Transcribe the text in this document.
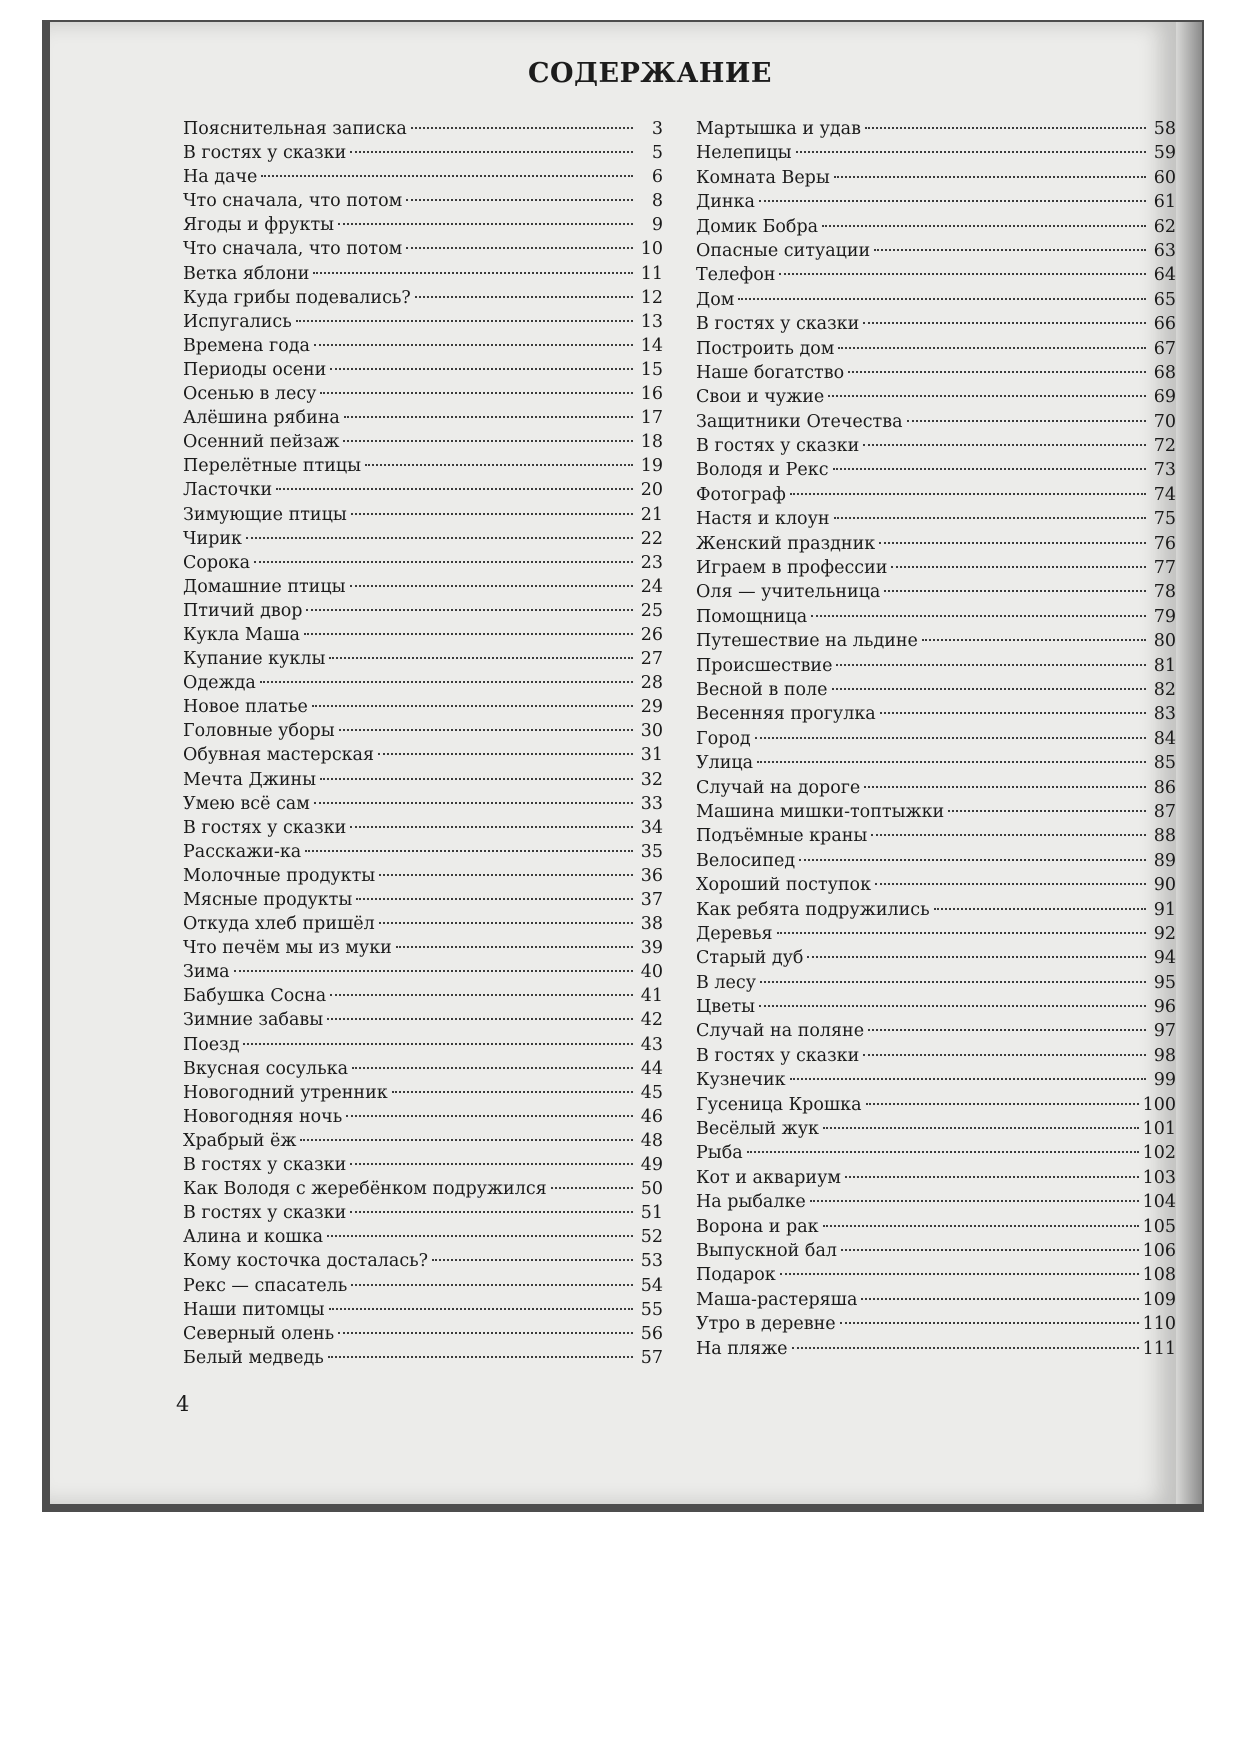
СОДЕРЖАНИЕ
Пояснительная записка	3
В гостях у сказки	5
На даче	6
Что сначала, что потом	8
Ягоды и фрукты	9
Что сначала, что потом	10
Ветка яблони	11
Куда грибы подевались?	12
Испугались	13
Времена года	14
Периоды осени	15
Осенью в лесу	16
Алёшина рябина	17
Осенний пейзаж	18
Перелётные птицы	19
Ласточки	20
Зимующие птицы	21
Чирик	22
Сорока	23
Домашние птицы	24
Птичий двор	25
Кукла Маша	26
Купание куклы	27
Одежда	28
Новое платье	29
Головные уборы	30
Обувная мастерская	31
Мечта Джины	32
Умею всё сам	33
В гостях у сказки	34
Расскажи-ка	35
Молочные продукты	36
Мясные продукты	37
Откуда хлеб пришёл	38
Что печём мы из муки	39
Зима	40
Бабушка Сосна	41
Зимние забавы	42
Поезд	43
Вкусная сосулька	44
Новогодний утренник	45
Новогодняя ночь	46
Храбрый ёж	48
В гостях у сказки	49
Как Володя с жеребёнком подружился	50
В гостях у сказки	51
Алина и кошка	52
Кому косточка досталась?	53
Рекс — спасатель	54
Наши питомцы	55
Северный олень	56
Белый медведь	57
Мартышка и удав	58
Нелепицы	59
Комната Веры	60
Динка	61
Домик Бобра	62
Опасные ситуации	63
Телефон	64
Дом	65
В гостях у сказки	66
Построить дом	67
Наше богатство	68
Свои и чужие	69
Защитники Отечества	70
В гостях у сказки	72
Володя и Рекс	73
Фотограф	74
Настя и клоун	75
Женский праздник	76
Играем в профессии	77
Оля — учительница	78
Помощница	79
Путешествие на льдине	80
Происшествие	81
Весной в поле	82
Весенняя прогулка	83
Город	84
Улица	85
Случай на дороге	86
Машина мишки-топтыжки	87
Подъёмные краны	88
Велосипед	89
Хороший поступок	90
Как ребята подружились	91
Деревья	92
Старый дуб	94
В лесу	95
Цветы	96
Случай на поляне	97
В гостях у сказки	98
Кузнечик	99
Гусеница Крошка	100
Весёлый жук	101
Рыба	102
Кот и аквариум	103
На рыбалке	104
Ворона и рак	105
Выпускной бал	106
Подарок	108
Маша-растеряша	109
Утро в деревне	110
На пляже	111
4
